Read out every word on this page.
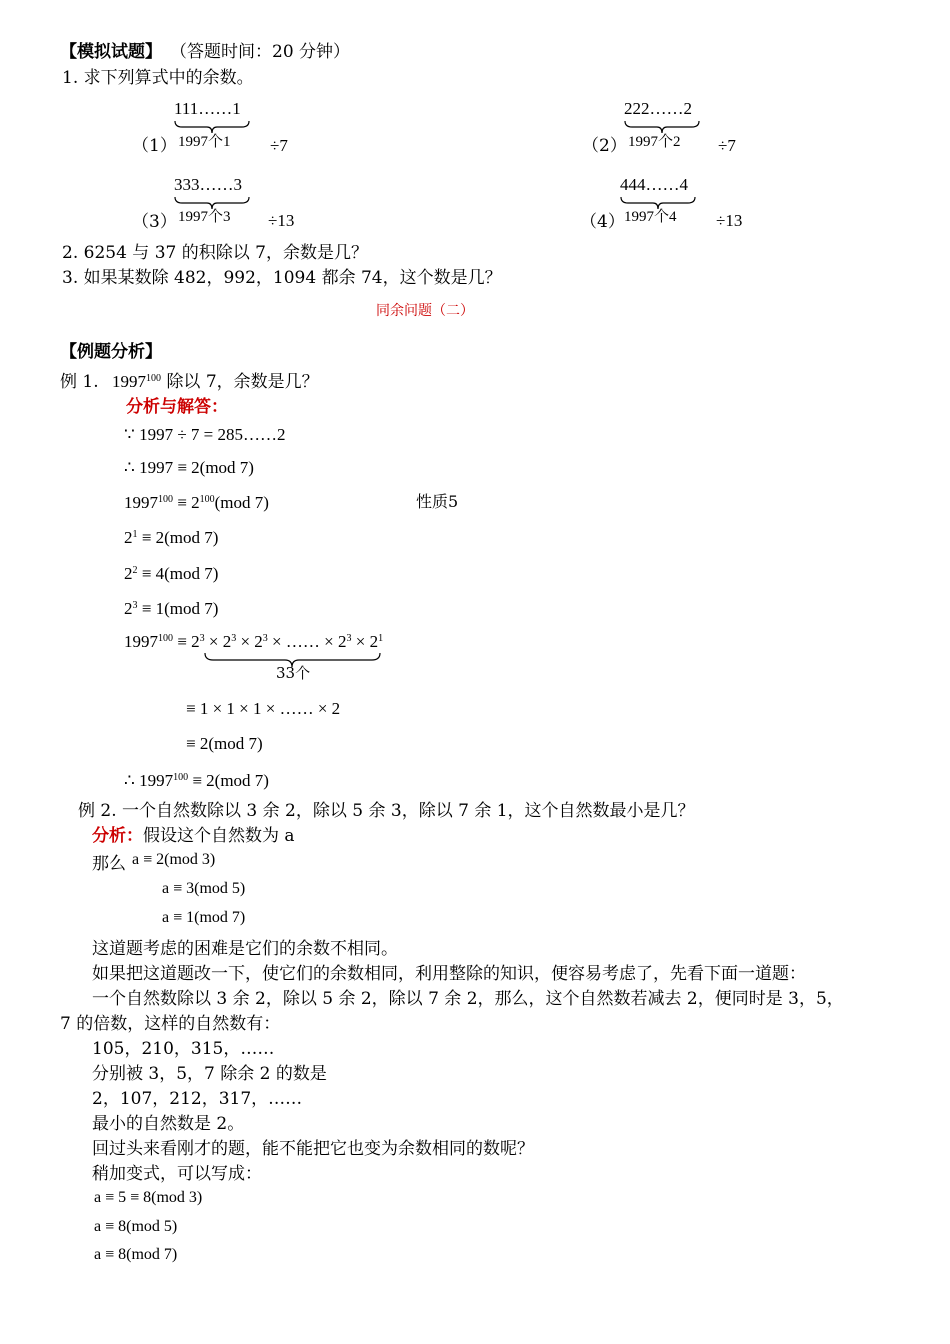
【模拟试题】 （答题时间：20 分钟）
1. 求下列算式中的余数。
111……1
1997个1
（1）	÷7
222……2
1997个2
（2）	÷7
333……3
1997个3
（3）	÷13
444……4
1997个4
（4）	÷13
2. 6254 与 37 的积除以 7，余数是几？
3. 如果某数除 482，992，1094 都余 74，这个数是几？
同余问题（二）
【例题分析】
例 1. 1997$^{100}$ 除以 7，余数是几？
分析与解答：
∵ 1997 ÷ 7 = 285……2
∴ 1997 ≡ 2(mod 7)
$1997^{100} \equiv 2^{100}(mod$ 7)	性质5
$2^1 \equiv 2(mod$ 7)
$2^2 \equiv 4(mod$ 7)
$2^3 \equiv 1(mod$ 7)
$1997^{100} \equiv 2^3 \times 2^3 \times 2^3$ × …… × $2^3 \times 2^1$
33个
≡ 1 × 1 × 1 × …… × 2
≡ 2(mod 7)
∴ $1997^{100} \equiv 2(mod$ 7)
例 2. 一个自然数除以 3 余 2，除以 5 余 3，除以 7 余 1，这个自然数最小是几？
分析：假设这个自然数为 a
那么 a ≡ 2(mod 3)
a ≡ 3(mod 5)
a ≡ 1(mod 7)
这道题考虑的困难是它们的余数不相同。
如果把这道题改一下，使它们的余数相同，利用整除的知识，便容易考虑了，先看下面一道题：
一个自然数除以 3 余 2，除以 5 余 2，除以 7 余 2，那么，这个自然数若减去 2，便同时是 3，5，
7 的倍数，这样的自然数有：
105，210，315，……
分别被 3，5，7 除余 2 的数是
2，107，212，317，……
最小的自然数是 2。
回过头来看刚才的题，能不能把它也变为余数相同的数呢？
稍加变式，可以写成：
a ≡ 5 ≡ 8(mod 3)
a ≡ 8(mod 5)
a ≡ 8(mod 7)
